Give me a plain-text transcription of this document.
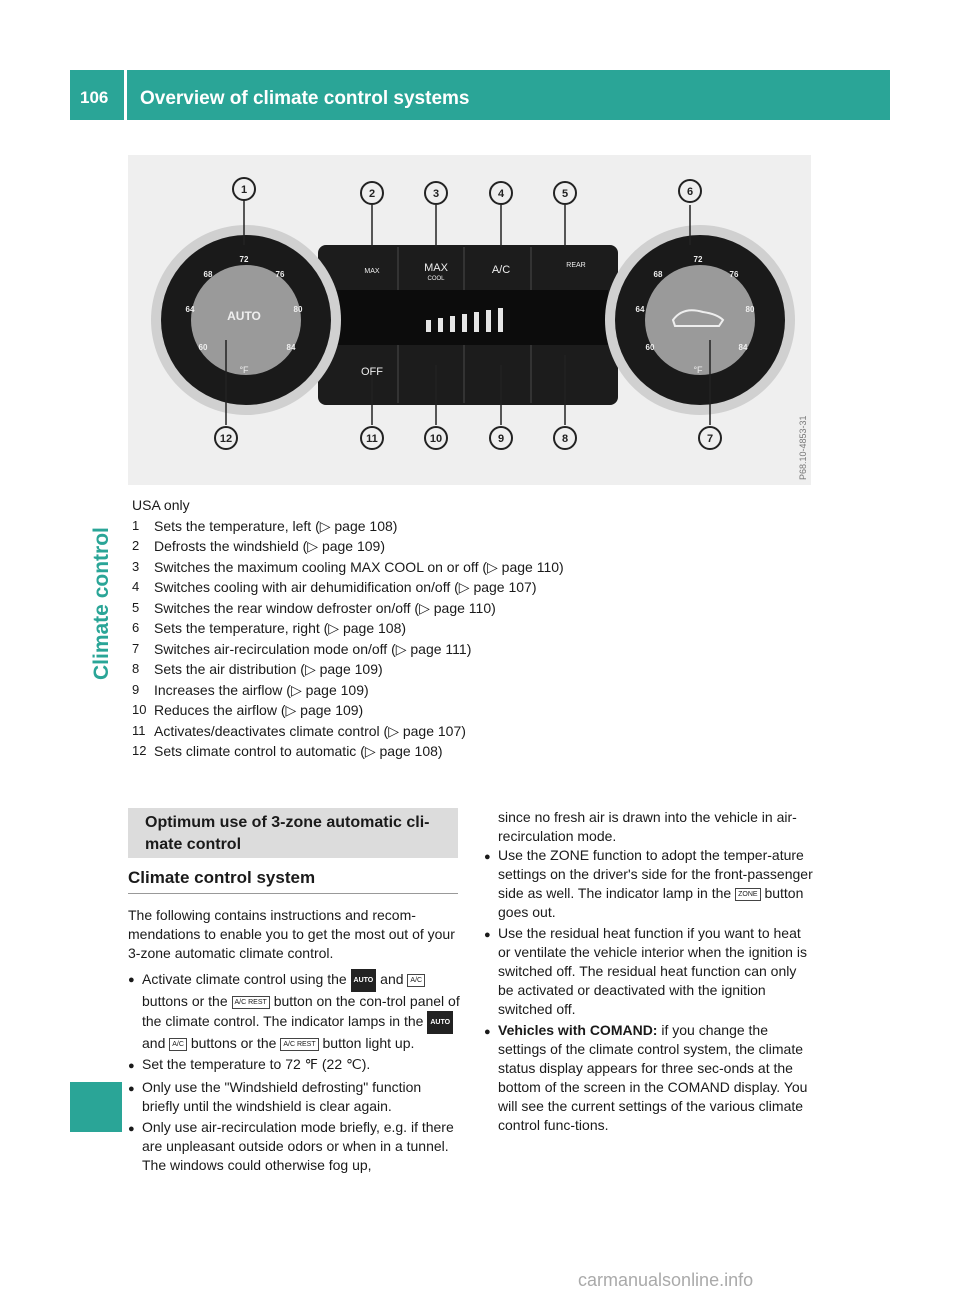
106 Overview of climate control systems
Climate control
1	2	3	4	5	6
7
8
9
10
11
12
AUTO
°F	°F
MAX	MAX
COOL
A/C	REAR
OFF
60
64
68
72
76
80
84	60
64
68
72
76
80
84
P68.10-4853-31
USA only
1	Sets the temperature, left (▷ page 108)
2	Defrosts the windshield (▷ page 109)
3	Switches the maximum cooling MAX COOL on or off (▷ page 110)
4	Switches cooling with air dehumidification on/off (▷ page 107)
5	Switches the rear window defroster on/off (▷ page 110)
6	Sets the temperature, right (▷ page 108)
7	Switches air-recirculation mode on/off (▷ page 111)
8	Sets the air distribution (▷ page 109)
9	Increases the airflow (▷ page 109)
10 Reduces the airflow (▷ page 109)
11 Activates/deactivates climate control (▷ page 107)
12 Sets climate control to automatic (▷ page 108)
Optimum use of 3-zone automatic cli-
mate control
Climate control system

The following contains instructions and recom-mendations to enable you to get the most out of your 3-zone automatic climate control.

● Activate climate control using the AUTO and A/C buttons or the A/C REST button on the con-trol panel of the climate control. The indicator lamps in the AUTO and A/C buttons or the A/C REST button light up.
● Set the temperature to 72 ℉ (22 ℃).
● Only use the "Windshield defrosting" function briefly until the windshield is clear again.
● Only use air-recirculation mode briefly, e.g. if there are unpleasant outside odors or when in a tunnel. The windows could otherwise fog up,
since no fresh air is drawn into the vehicle in air-recirculation mode.
● Use the ZONE function to adopt the temper-ature settings on the driver's side for the front-passenger side as well. The indicator lamp in the ZONE button goes out.
● Use the residual heat function if you want to heat or ventilate the vehicle interior when the ignition is switched off. The residual heat function can only be activated or deactivated with the ignition switched off.
● Vehicles with COMAND: if you change the settings of the climate control system, the climate status display appears for three sec-onds at the bottom of the screen in the COMAND display. You will see the current settings of the various climate control func-tions.
carmanualsonline.info
